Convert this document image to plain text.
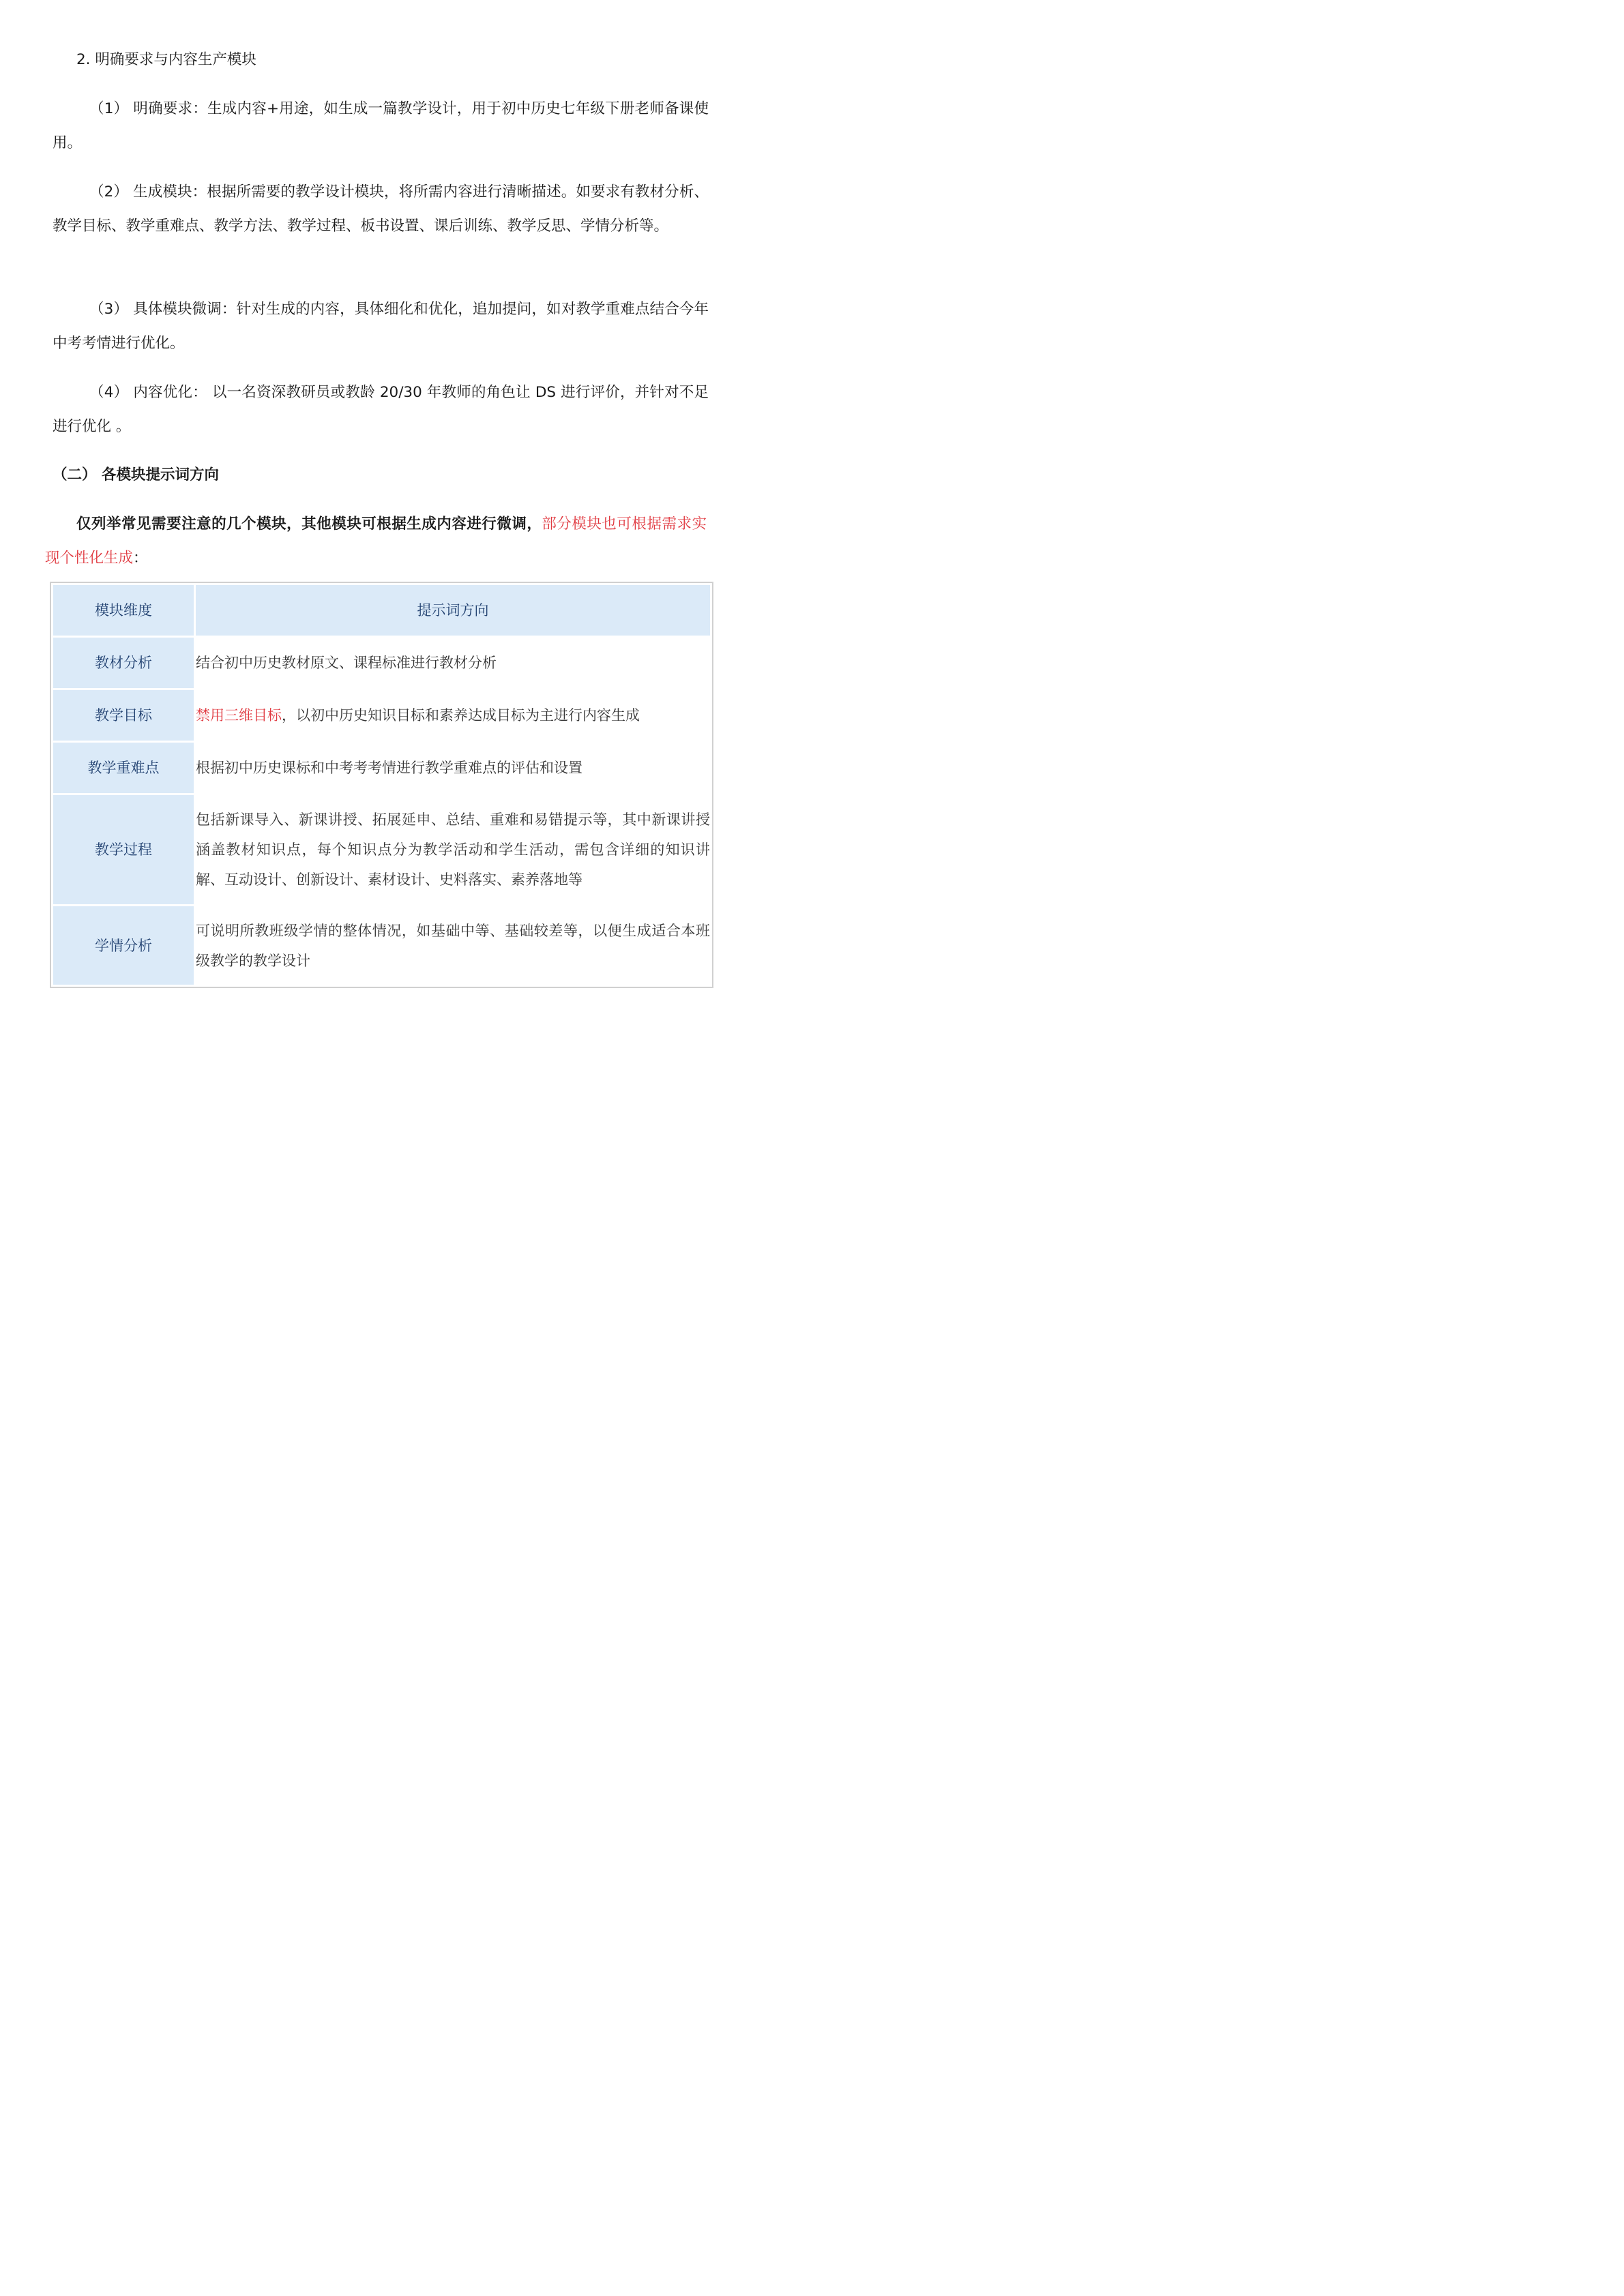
2. 明确要求与内容生产模块

（1） 明确要求：生成内容+用途，如生成一篇教学设计，用于初中历史七年级下册老师备课使用。

（2） 生成模块：根据所需要的教学设计模块，将所需内容进行清晰描述。如要求有教材分析、教学目标、教学重难点、教学方法、教学过程、板书设置、课后训练、教学反思、学情分析等。

（3） 具体模块微调：针对生成的内容，具体细化和优化，追加提问，如对教学重难点结合今年中考考情进行优化。

（4） 内容优化： 以一名资深教研员或教龄 20/30 年教师的角色让 DS 进行评价，并针对不足进行优化 。

（二） 各模块提示词方向

仅列举常见需要注意的几个模块，其他模块可根据生成内容进行微调，部分模块也可根据需求实现个性化生成：

模块维度	提示词方向
教材分析	结合初中历史教材原文、课程标准进行教材分析
教学目标	禁用三维目标，以初中历史知识目标和素养达成目标为主进行内容生成
教学重难点	根据初中历史课标和中考考考情进行教学重难点的评估和设置
教学过程	包括新课导入、新课讲授、拓展延申、总结、重难和易错提示等，其中新课讲授涵盖教材知识点，每个知识点分为教学活动和学生活动，需包含详细的知识讲解、互动设计、创新设计、素材设计、史料落实、素养落地等
学情分析	可说明所教班级学情的整体情况，如基础中等、基础较差等，以便生成适合本班级教学的教学设计
